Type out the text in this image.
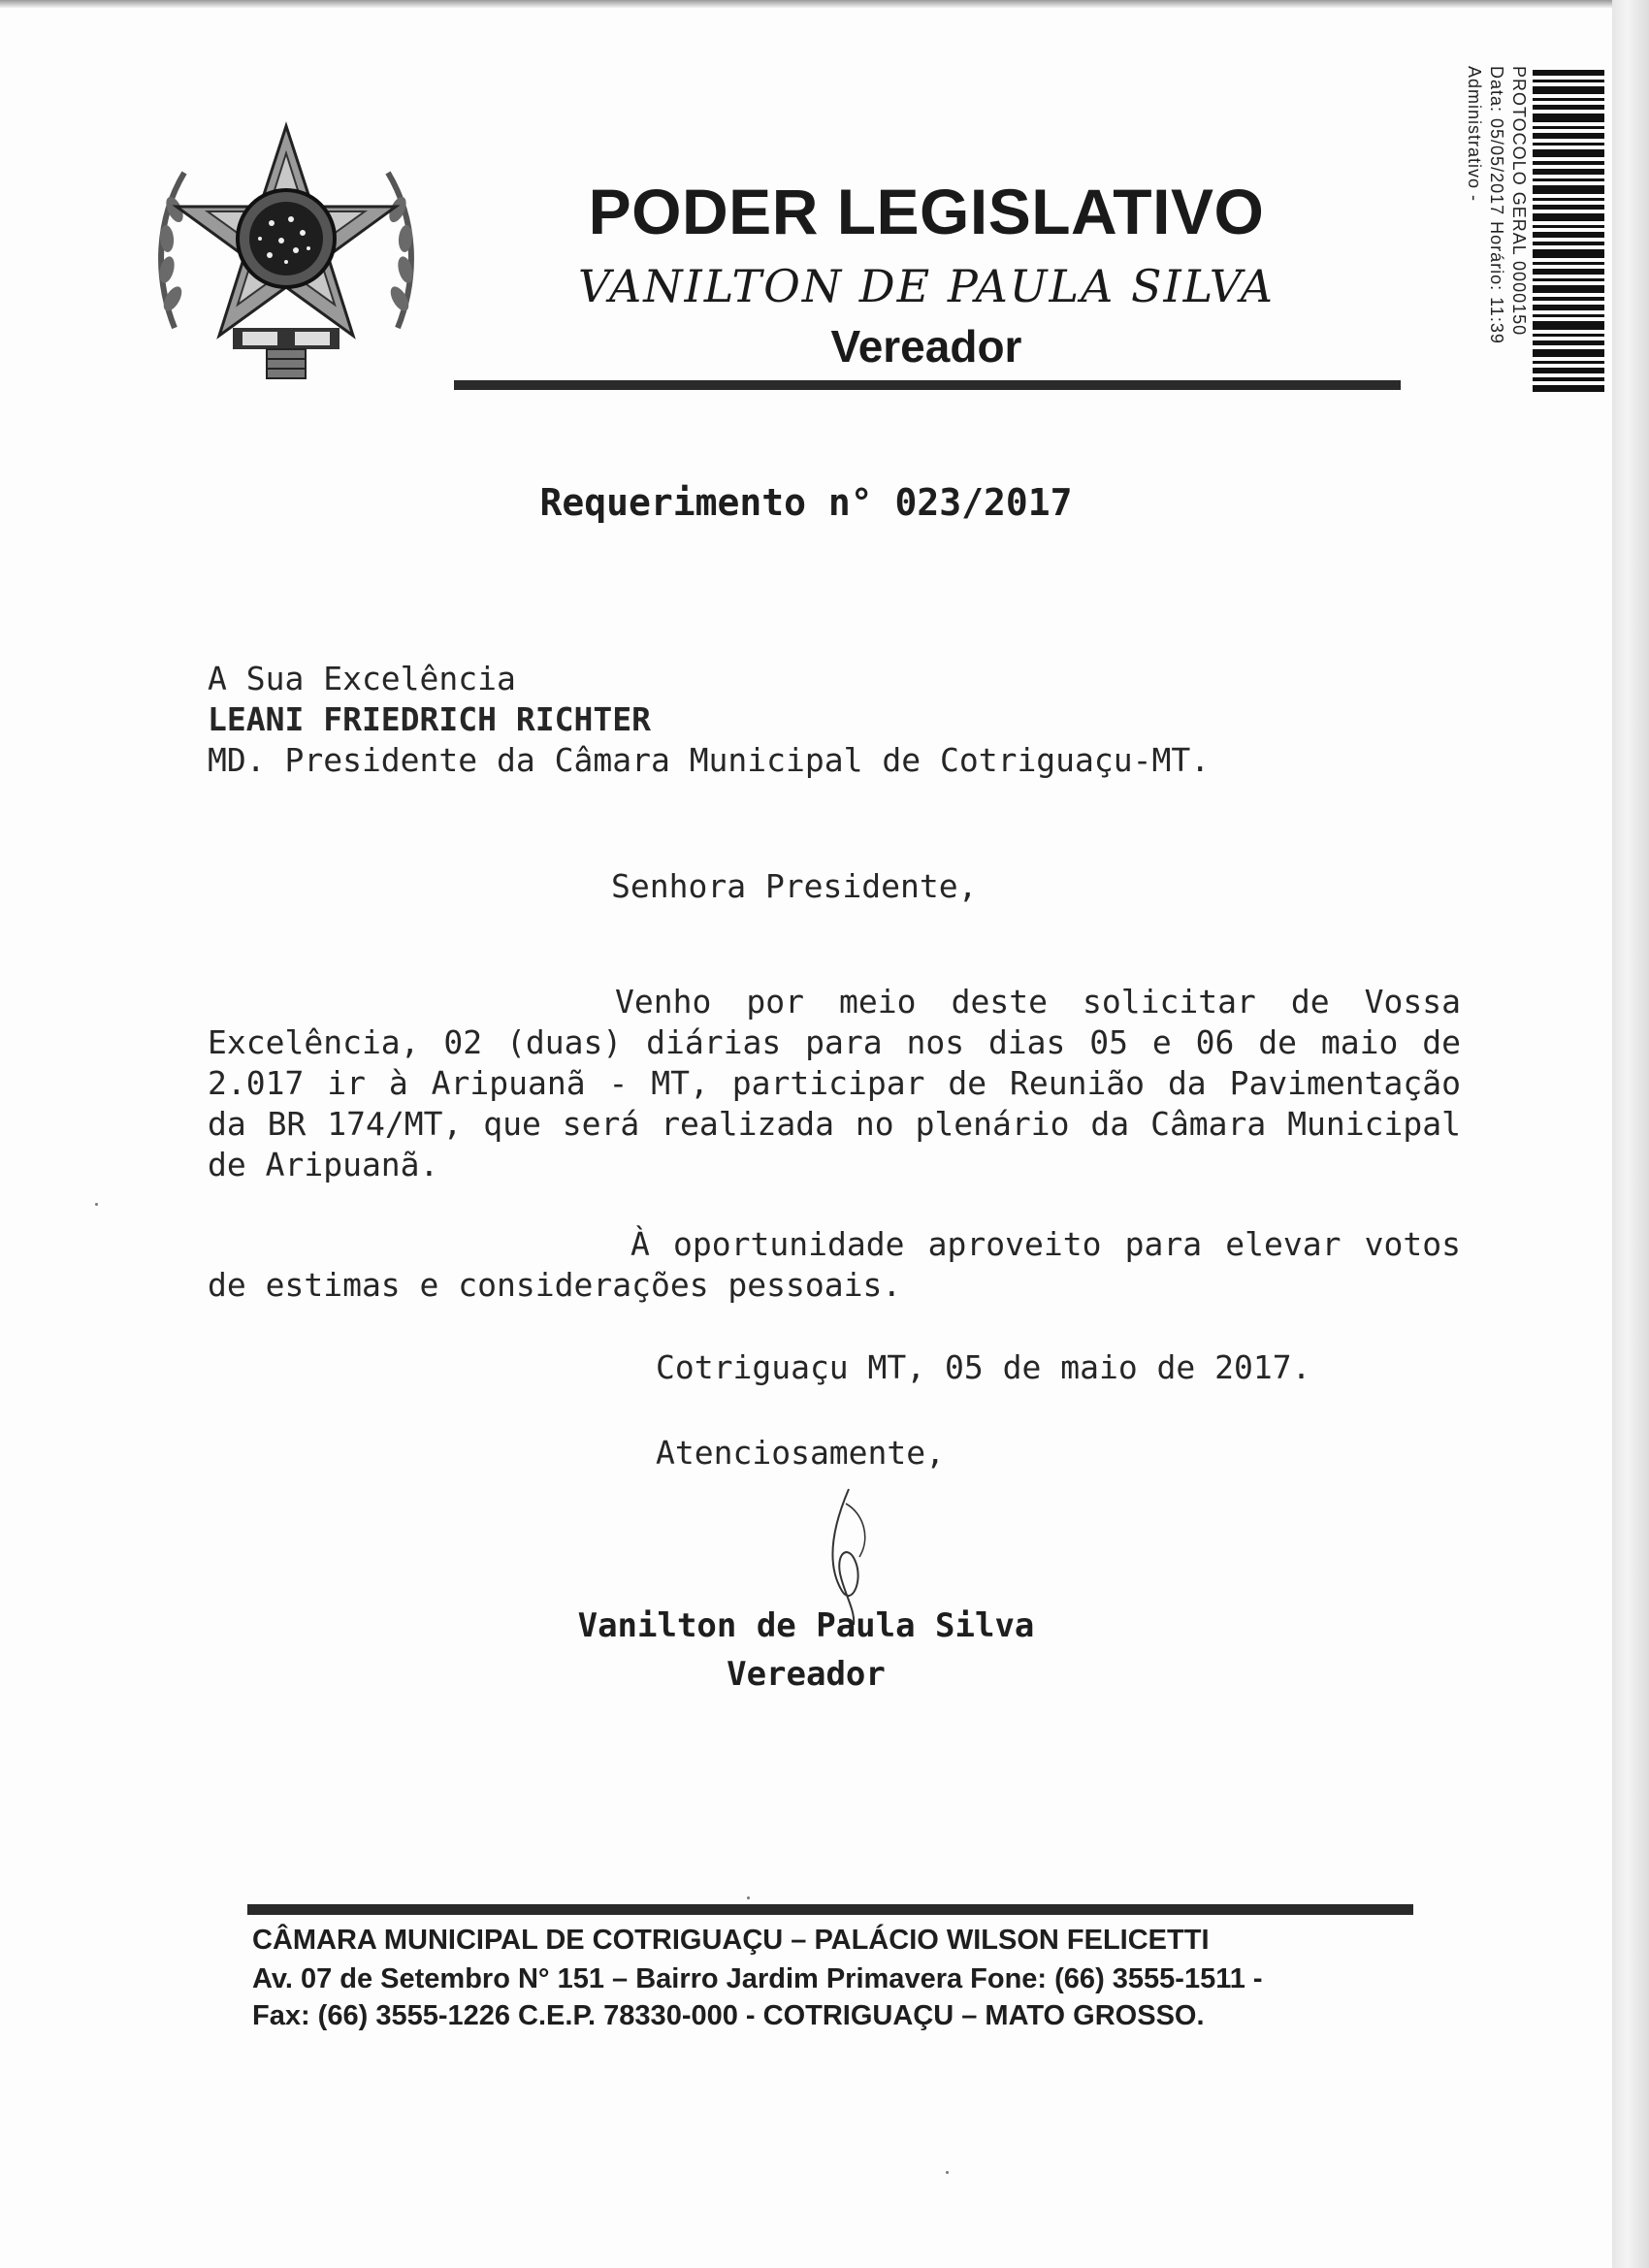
PODER LEGISLATIVO
VANILTON DE PAULA SILVA
Vereador
PROTOCOLO GERAL 0000150
Data: 05/05/2017 Horário: 11:39
Administrativo -
Requerimento n° 023/2017
A Sua Excelência
LEANI FRIEDRICH RICHTER
MD. Presidente da Câmara Municipal de Cotriguaçu-MT.
Senhora Presidente,
Venho por meio deste solicitar de Vossa Excelência, 02 (duas) diárias para nos dias 05 e 06 de maio de 2.017 ir à Aripuanã - MT, participar de Reunião da Pavimentação da BR 174/MT, que será realizada no plenário da Câmara Municipal de Aripuanã.
À oportunidade aproveito para elevar votos de estimas e considerações pessoais.
Cotriguaçu MT, 05 de maio de 2017.
Atenciosamente,
Vanilton de Paula Silva
Vereador
CÂMARA MUNICIPAL DE COTRIGUAÇU – PALÁCIO WILSON FELICETTI
Av. 07 de Setembro N° 151 – Bairro Jardim Primavera Fone: (66) 3555-1511 -
Fax: (66) 3555-1226 C.E.P. 78330-000 - COTRIGUAÇU – MATO GROSSO.
